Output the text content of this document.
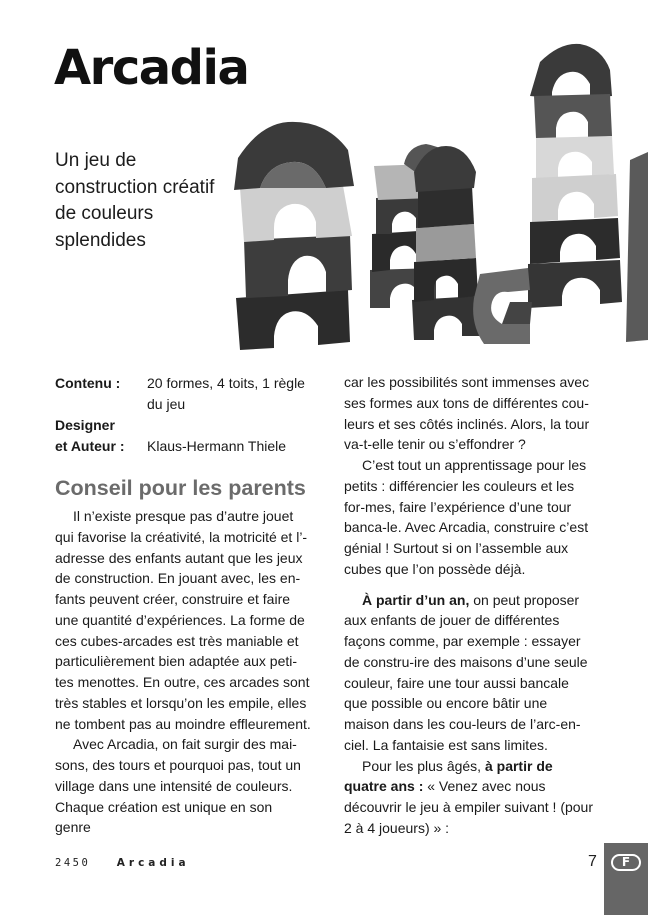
Arcadia
Un jeu de construction créatif de couleurs splendides
Contenu :	20 formes, 4 toits, 1 règle du jeu
Designer
et Auteur :	Klaus-Hermann Thiele
Conseil pour les parents

Il n’existe presque pas d’autre jouet qui favorise la créativité, la motricité et l’-adresse des enfants autant que les jeux de construction. En jouant avec, les en-fants peuvent créer, construire et faire une quantité d’expériences. La forme de ces cubes-arcades est très maniable et particulièrement bien adaptée aux peti-tes menottes. En outre, ces arcades sont très stables et lorsqu’on les empile, elles ne tombent pas au moindre effleurement.

Avec Arcadia, on fait surgir des mai-sons, des tours et pourquoi pas, tout un village dans une intensité de couleurs. Chaque création est unique en son genre

car les possibilités sont immenses avec ses formes aux tons de différentes cou-leurs et ses côtés inclinés. Alors, la tour va-t-elle tenir ou s’effondrer ?

C’est tout un apprentissage pour les petits : différencier les couleurs et les for-mes, faire l’expérience d’une tour banca-le. Avec Arcadia, construire c’est génial ! Surtout si on l’assemble aux cubes que l’on possède déjà.

À partir d’un an, on peut proposer aux enfants de jouer de différentes façons comme, par exemple : essayer de constru-ire des maisons d’une seule couleur, faire une tour aussi bancale que possible ou encore bâtir une maison dans les cou-leurs de l’arc-en-ciel. La fantaisie est sans limites.

Pour les plus âgés, à partir de quatre ans : « Venez avec nous découvrir le jeu à empiler suivant ! (pour 2 à 4 joueurs) » :

2450	Arcadia	7	F
